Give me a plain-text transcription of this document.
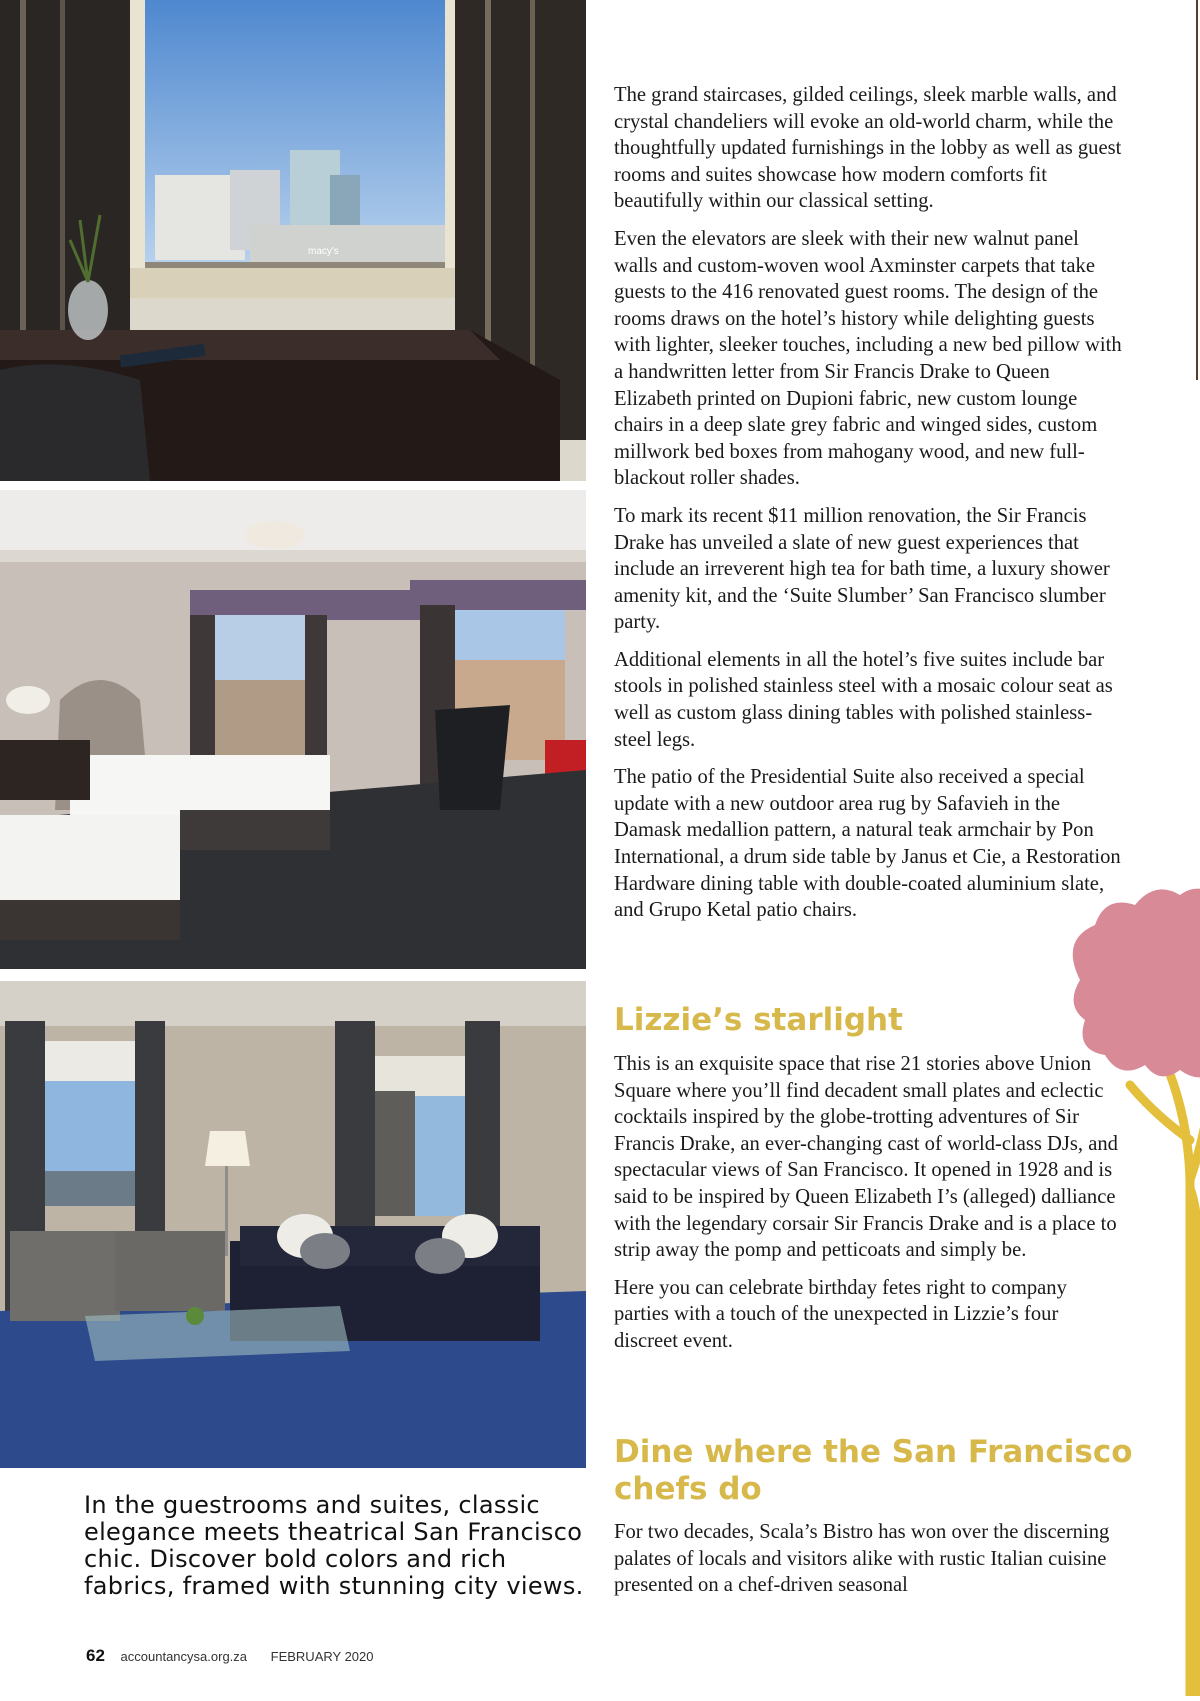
macy's
In the guestrooms and suites, classic elegance meets theatrical San Francisco chic. Discover bold colors and rich fabrics, framed with stunning city views.

The grand staircases, gilded ceilings, sleek marble walls, and crystal chandeliers will evoke an old-world charm, while the thoughtfully updated furnishings in the lobby as well as guest rooms and suites showcase how modern comforts fit beautifully within our classical setting.

Even the elevators are sleek with their new walnut panel walls and custom-woven wool Axminster carpets that take guests to the 416 renovated guest rooms. The design of the rooms draws on the hotel’s history while delighting guests with lighter, sleeker touches, including a new bed pillow with a handwritten letter from Sir Francis Drake to Queen Elizabeth printed on Dupioni fabric, new custom lounge chairs in a deep slate grey fabric and winged sides, custom millwork bed boxes from mahogany wood, and new full-blackout roller shades.

To mark its recent $11 million renovation, the Sir Francis Drake has unveiled a slate of new guest experiences that include an irreverent high tea for bath time, a luxury shower amenity kit, and the ‘Suite Slumber’ San Francisco slumber party.

Additional elements in all the hotel’s five suites include bar stools in polished stainless steel with a mosaic colour seat as well as custom glass dining tables with polished stainless-steel legs.

The patio of the Presidential Suite also received a special update with a new outdoor area rug by Safavieh in the Damask medallion pattern, a natural teak armchair by Pon International, a drum side table by Janus et Cie, a Restoration Hardware dining table with double-coated aluminium slate, and Grupo Ketal patio chairs.

Lizzie’s starlight

This is an exquisite space that rise 21 stories above Union Square where you’ll find decadent small plates and eclectic cocktails inspired by the globe-trotting adventures of Sir Francis Drake, an ever-changing cast of world-class DJs, and spectacular views of San Francisco. It opened in 1928 and is said to be inspired by Queen Elizabeth I’s (alleged) dalliance with the legendary corsair Sir Francis Drake and is a place to strip away the pomp and petticoats and simply be.

Here you can celebrate birthday fetes right to company parties with a touch of the unexpected in Lizzie’s four discreet event.

Dine where the San Francisco chefs do

For two decades, Scala’s Bistro has won over the discerning palates of locals and visitors alike with rustic Italian cuisine presented on a chef-driven seasonal

62 accountancysa.org.za FEBRUARY 2020
